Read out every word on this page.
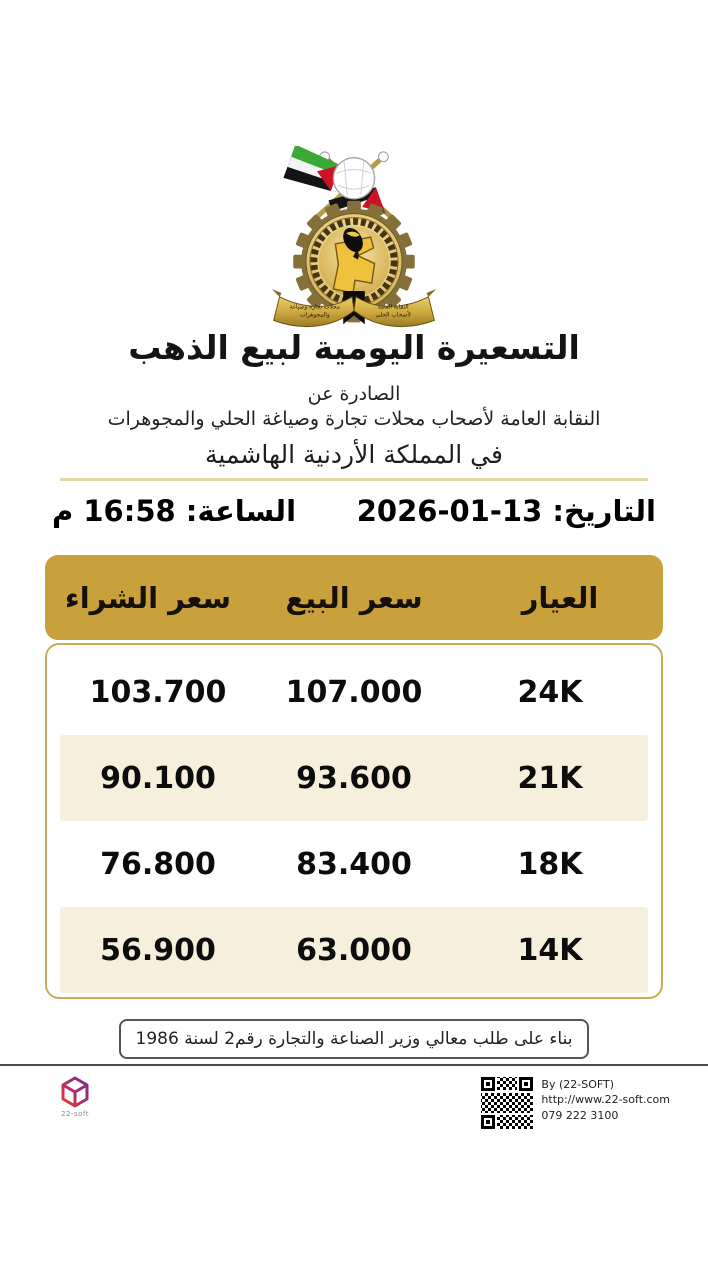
محلات تجارة وصياغة
والمجوهرات
النقابة العامة
لأصحاب الحلي
التسعيرة اليومية لبيع الذهب
الصادرة عن
النقابة العامة لأصحاب محلات تجارة وصياغة الحلي والمجوهرات
في المملكة الأردنية الهاشمية
التاريخ: 13-01-2026
الساعة: 16:58 م
العيار
سعر البيع
سعر الشراء
24K
107.000
103.700
21K
93.600
90.100
18K
83.400
76.800
14K
63.000
56.900
بناء على طلب معالي وزير الصناعة والتجارة رقم2 لسنة 1986
22-soft
By (22-SOFT)
http://www.22-soft.com
079 222 3100
